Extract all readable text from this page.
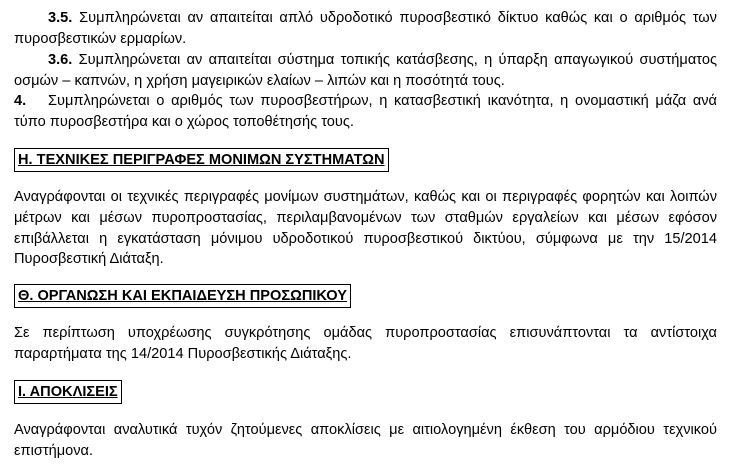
3.5. Συμπληρώνεται αν απαιτείται απλό υδροδοτικό πυροσβεστικό δίκτυο καθώς και ο αριθμός των πυροσβεστικών ερμαρίων.

3.6. Συμπληρώνεται αν απαιτείται σύστημα τοπικής κατάσβεσης, η ύπαρξη απαγωγικού συστήματος οσμών – καπνών, η χρήση μαγειρικών ελαίων – λιπών και η ποσότητά τους.

4. Συμπληρώνεται ο αριθμός των πυροσβεστήρων, η κατασβεστική ικανότητα, η ονομαστική μάζα ανά τύπο πυροσβεστήρα και ο χώρος τοποθέτησής τους.

Η. ΤΕΧΝΙΚΕΣ ΠΕΡΙΓΡΑΦΕΣ ΜΟΝΙΜΩΝ ΣΥΣΤΗΜΑΤΩΝ

Αναγράφονται οι τεχνικές περιγραφές μονίμων συστημάτων, καθώς και οι περιγραφές φορητών και λοιπών μέτρων και μέσων πυροπροστασίας, περιλαμβανομένων των σταθμών εργαλείων και μέσων εφόσον επιβάλλεται η εγκατάσταση μόνιμου υδροδοτικού πυροσβεστικού δικτύου, σύμφωνα με την 15/2014 Πυροσβεστική Διάταξη.

Θ. ΟΡΓΑΝΩΣΗ ΚΑΙ ΕΚΠΑΙΔΕΥΣΗ ΠΡΟΣΩΠΙΚΟΥ

Σε περίπτωση υποχρέωσης συγκρότησης ομάδας πυροπροστασίας επισυνάπτονται τα αντίστοιχα παραρτήματα της 14/2014 Πυροσβεστικής Διάταξης.

Ι. ΑΠΟΚΛΙΣΕΙΣ

Αναγράφονται αναλυτικά τυχόν ζητούμενες αποκλίσεις με αιτιολογημένη έκθεση του αρμόδιου τεχνικού επιστήμονα.
